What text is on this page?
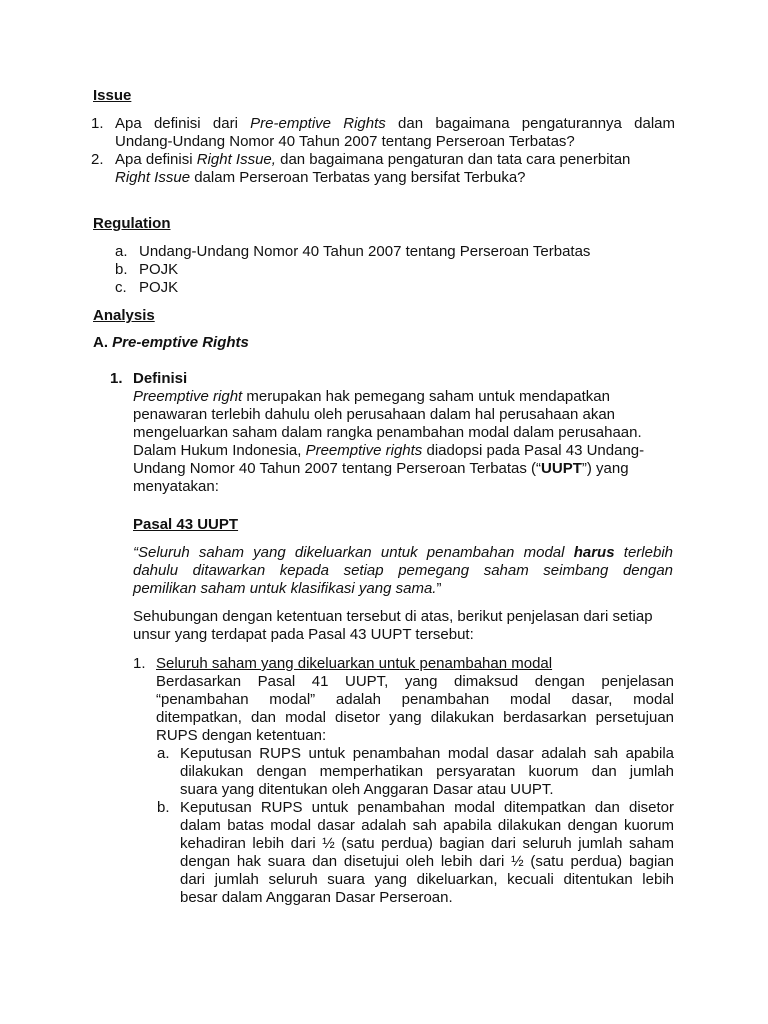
Issue
1. Apa definisi dari Pre-emptive Rights dan bagaimana pengaturannya dalam
Undang-Undang Nomor 40 Tahun 2007 tentang Perseroan Terbatas?
2. Apa definisi Right Issue, dan bagaimana pengaturan dan tata cara penerbitan
Right Issue dalam Perseroan Terbatas yang bersifat Terbuka?
Regulation
a. Undang-Undang Nomor 40 Tahun 2007 tentang Perseroan Terbatas
b. POJK
c. POJK
Analysis
A. Pre-emptive Rights
1. Definisi
Preemptive right merupakan hak pemegang saham untuk mendapatkan
penawaran terlebih dahulu oleh perusahaan dalam hal perusahaan akan
mengeluarkan saham dalam rangka penambahan modal dalam perusahaan.
Dalam Hukum Indonesia, Preemptive rights diadopsi pada Pasal 43 Undang-
Undang Nomor 40 Tahun 2007 tentang Perseroan Terbatas (“UUPT”) yang
menyatakan:
Pasal 43 UUPT
“Seluruh saham yang dikeluarkan untuk penambahan modal harus terlebih
dahulu ditawarkan kepada setiap pemegang saham seimbang dengan
pemilikan saham untuk klasifikasi yang sama.”
Sehubungan dengan ketentuan tersebut di atas, berikut penjelasan dari setiap
unsur yang terdapat pada Pasal 43 UUPT tersebut:
1. Seluruh saham yang dikeluarkan untuk penambahan modal
Berdasarkan Pasal 41 UUPT, yang dimaksud dengan penjelasan
“penambahan modal” adalah penambahan modal dasar, modal
ditempatkan, dan modal disetor yang dilakukan berdasarkan persetujuan
RUPS dengan ketentuan:
a. Keputusan RUPS untuk penambahan modal dasar adalah sah apabila
dilakukan dengan memperhatikan persyaratan kuorum dan jumlah
suara yang ditentukan oleh Anggaran Dasar atau UUPT.
b. Keputusan RUPS untuk penambahan modal ditempatkan dan disetor
dalam batas modal dasar adalah sah apabila dilakukan dengan kuorum
kehadiran lebih dari ½ (satu perdua) bagian dari seluruh jumlah saham
dengan hak suara dan disetujui oleh lebih dari ½ (satu perdua) bagian
dari jumlah seluruh suara yang dikeluarkan, kecuali ditentukan lebih
besar dalam Anggaran Dasar Perseroan.
